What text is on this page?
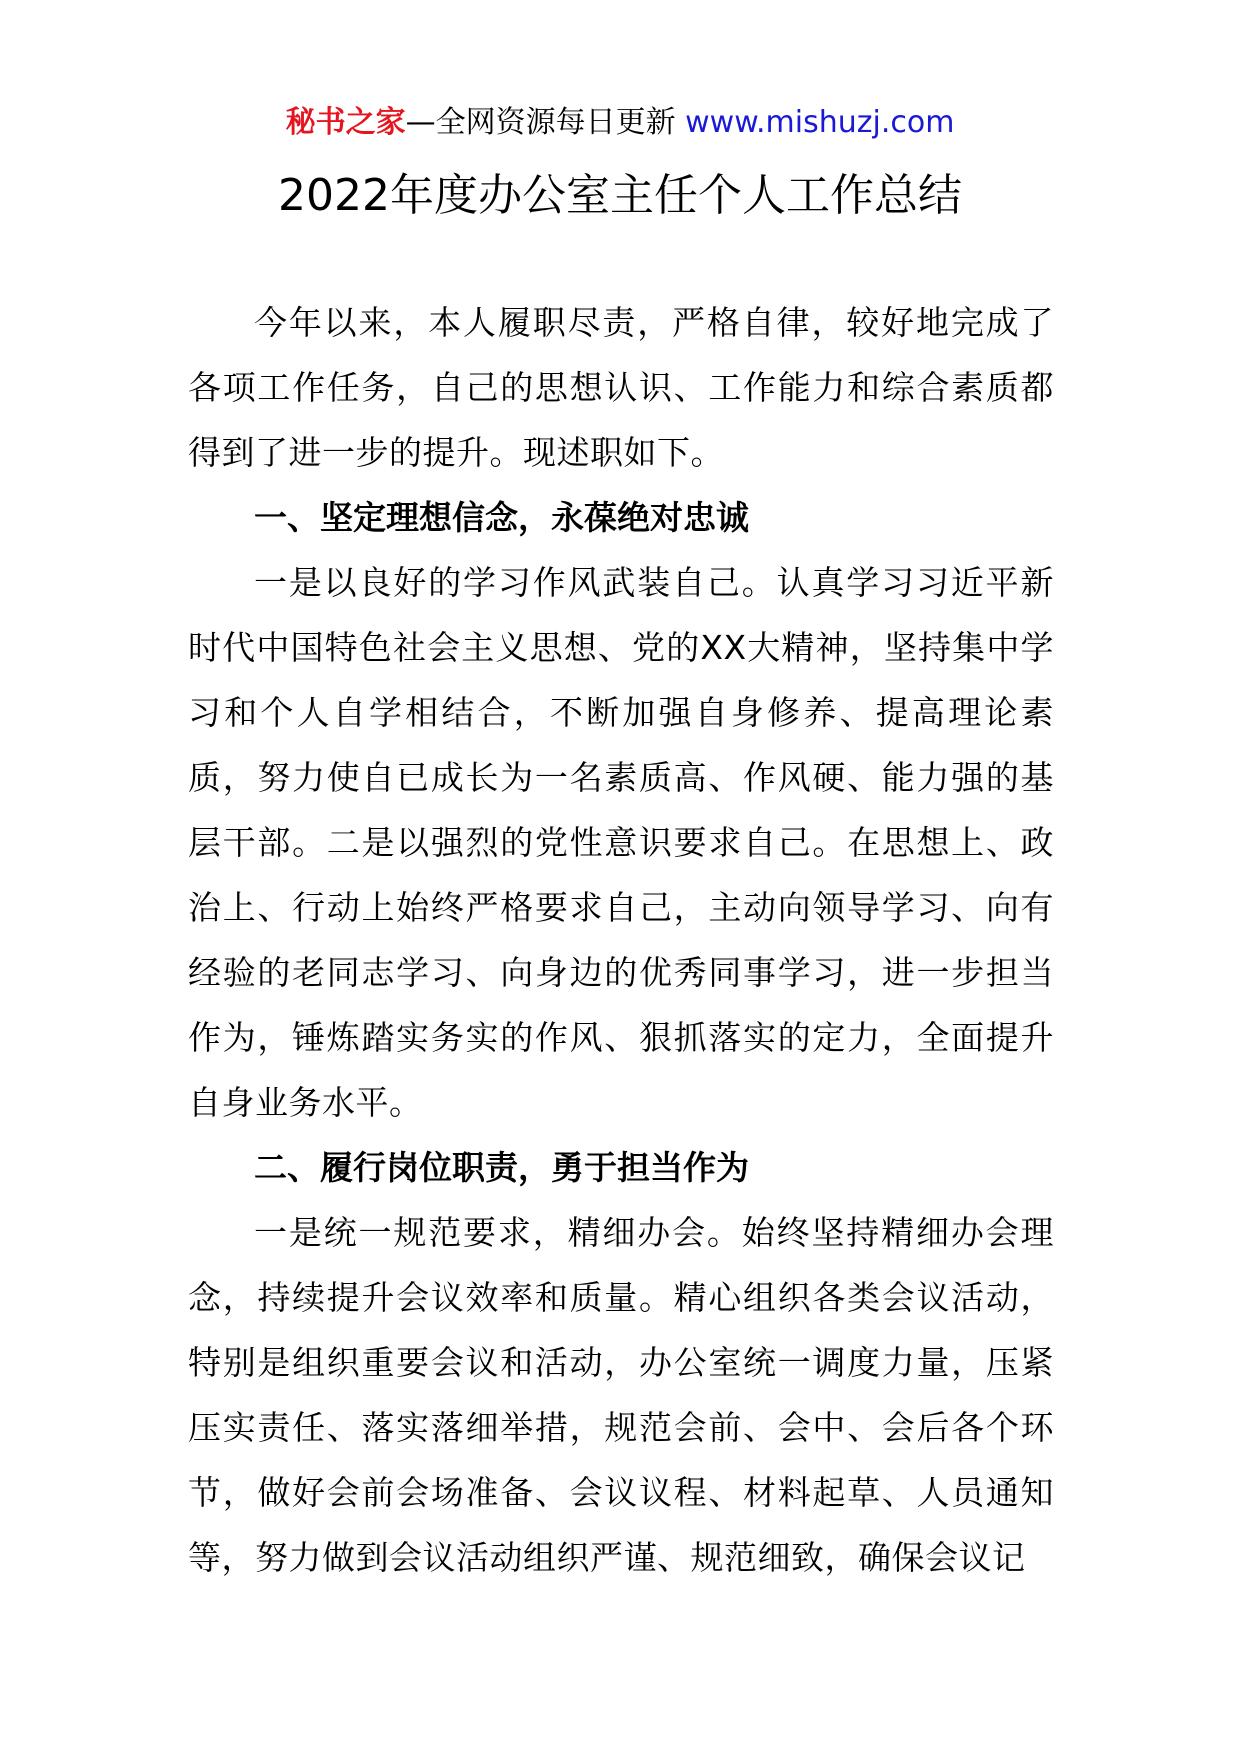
秘书之家—全网资源每日更新 www.mishuzj.com
2022年度办公室主任个人工作总结

今年以来，本人履职尽责，严格自律，较好地完成了各项工作任务，自己的思想认识、工作能力和综合素质都得到了进一步的提升。现述职如下。

一、坚定理想信念，永葆绝对忠诚

一是以良好的学习作风武装自己。认真学习习近平新时代中国特色社会主义思想、党的XX大精神，坚持集中学习和个人自学相结合，不断加强自身修养、提高理论素质，努力使自已成长为一名素质高、作风硬、能力强的基层干部。二是以强烈的党性意识要求自己。在思想上、政治上、行动上始终严格要求自己，主动向领导学习、向有经验的老同志学习、向身边的优秀同事学习，进一步担当作为，锤炼踏实务实的作风、狠抓落实的定力，全面提升自身业务水平。

二、履行岗位职责，勇于担当作为

一是统一规范要求，精细办会。始终坚持精细办会理念，持续提升会议效率和质量。精心组织各类会议活动，特别是组织重要会议和活动，办公室统一调度力量，压紧压实责任、落实落细举措，规范会前、会中、会后各个环节，做好会前会场准备、会议议程、材料起草、人员通知等，努力做到会议活动组织严谨、规范细致，确保会议记
